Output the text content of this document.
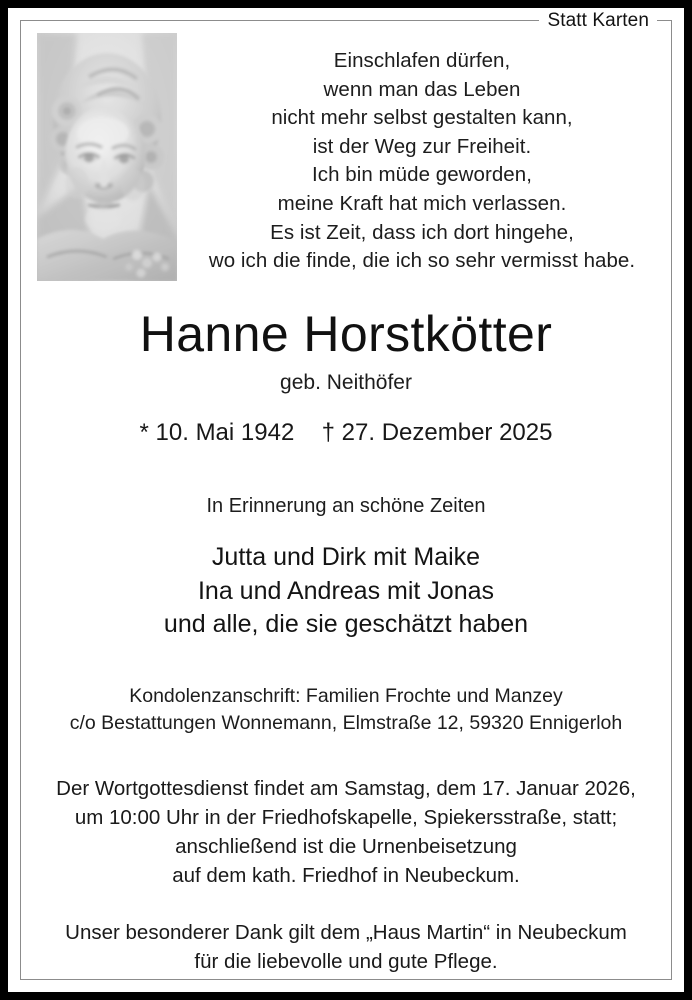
Statt Karten
Einschlafen dürfen,
wenn man das Leben
nicht mehr selbst gestalten kann,
ist der Weg zur Freiheit.
Ich bin müde geworden,
meine Kraft hat mich verlassen.
Es ist Zeit, dass ich dort hingehe,
wo ich die finde, die ich so sehr vermisst habe.
Hanne Horstkötter
geb. Neithöfer
* 10. Mai 1942 † 27. Dezember 2025
In Erinnerung an schöne Zeiten
Jutta und Dirk mit Maike
Ina und Andreas mit Jonas
und alle, die sie geschätzt haben
Kondolenzanschrift: Familien Frochte und Manzey
c/o Bestattungen Wonnemann, Elmstraße 12, 59320 Ennigerloh
Der Wortgottesdienst findet am Samstag, dem 17. Januar 2026,
um 10:00 Uhr in der Friedhofskapelle, Spiekersstraße, statt;
anschließend ist die Urnenbeisetzung
auf dem kath. Friedhof in Neubeckum.
Unser besonderer Dank gilt dem „Haus Martin“ in Neubeckum
für die liebevolle und gute Pflege.
